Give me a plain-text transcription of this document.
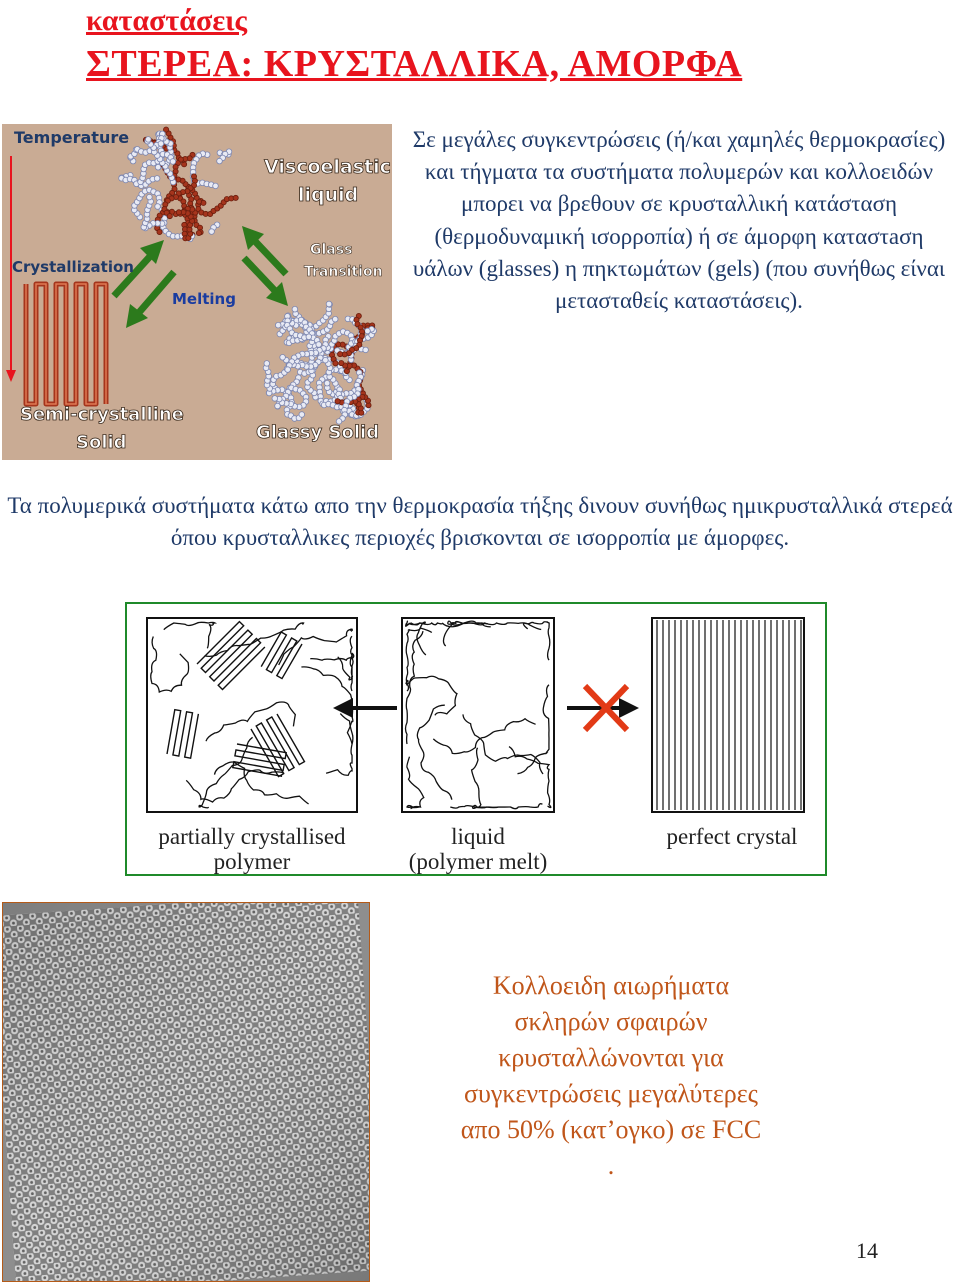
καταστάσεις
ΣΤΕΡΕΑ: ΚΡΥΣΤΑΛΛΙΚΑ, ΑΜΟΡΦΑ
Temperature
Viscoelastic
liquid
Crystallization
Melting
Glass
Transition
Semi-crystalline
Solid	Glassy Solid
Σε μεγάλες συγκεντρώσεις (ή/και χαμηλές θερμοκρασίες) και τήγματα τα συστήματα πολυμερών και κολλοειδών μπορει να βρεθουν σε κρυσταλλική κατάσταση (θερμοδυναμική ισορροπία) ή σε άμορφη καταστaση υάλων (glasses) η πηκτωμάτων (gels) (που συνήθως είναι μετασταθείς καταστάσεις).
Τα πολυμερικά συστήματα κάτω απο την θερμοκρασία τήξης δινουν συνήθως ημικρυσταλλικά στερεά όπου κρυσταλλικες περιοχές βρισκονται σε ισορροπία με άμορφες.
partially crystallised
polymer
liquid
(polymer melt)
perfect crystal
Κολλοειδη αιωρήματα
σκληρών σφαιρών
κρυσταλλώνονται για
συγκεντρώσεις μεγαλύτερες
απο 50% (κατ’ογκο) σε FCC
.
14
